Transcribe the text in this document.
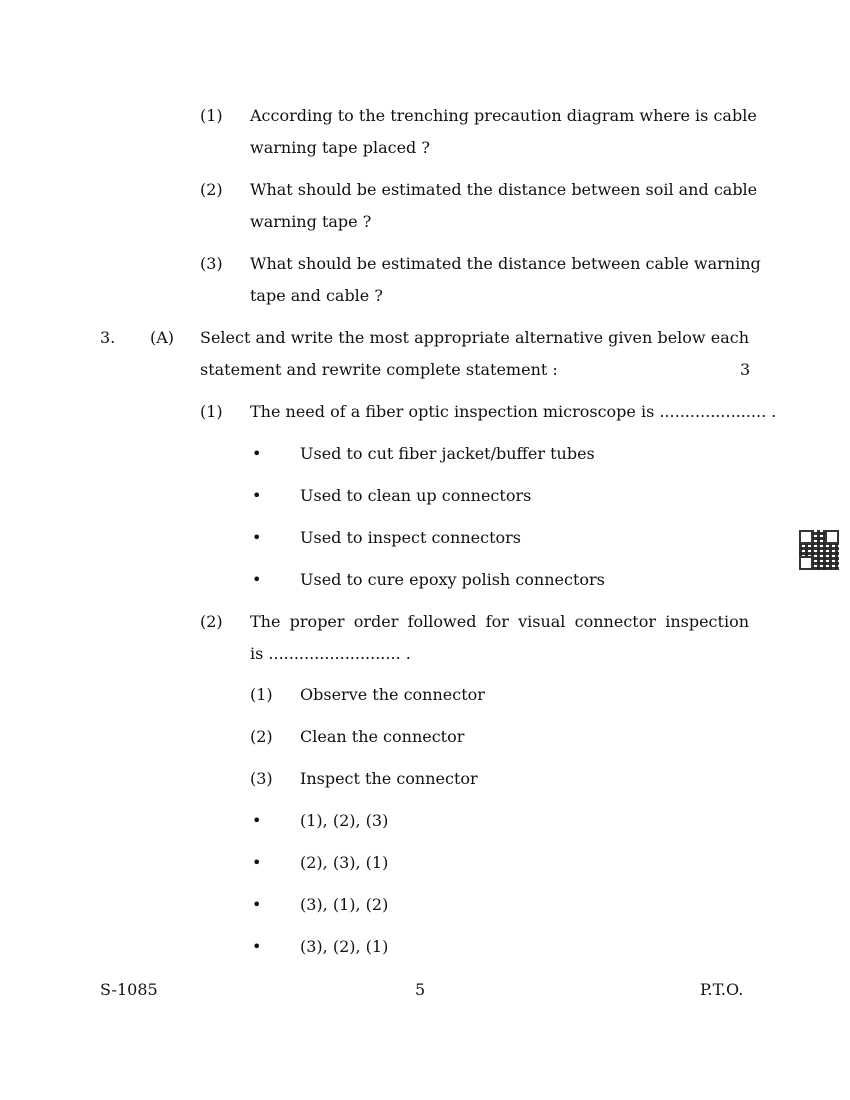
(1) According to the trenching precaution diagram where is cable
warning tape placed ?
(2) What should be estimated the distance between soil and cable
warning tape ?
(3) What should be estimated the distance between cable warning
tape and cable ?
3. (A) Select and write the most appropriate alternative given below each
statement and rewrite complete statement :	3
(1) The need of a fiber optic inspection microscope is ..................... .
• Used to cut fiber jacket/buffer tubes
• Used to clean up connectors
• Used to inspect connectors
• Used to cure epoxy polish connectors
(2) The proper order followed for visual connector inspection
is .......................... .
(1) Observe the connector
(2) Clean the connector
(3) Inspect the connector
• (1), (2), (3)
• (2), (3), (1)
• (3), (1), (2)
• (3), (2), (1)
S-1085	5	P.T.O.
